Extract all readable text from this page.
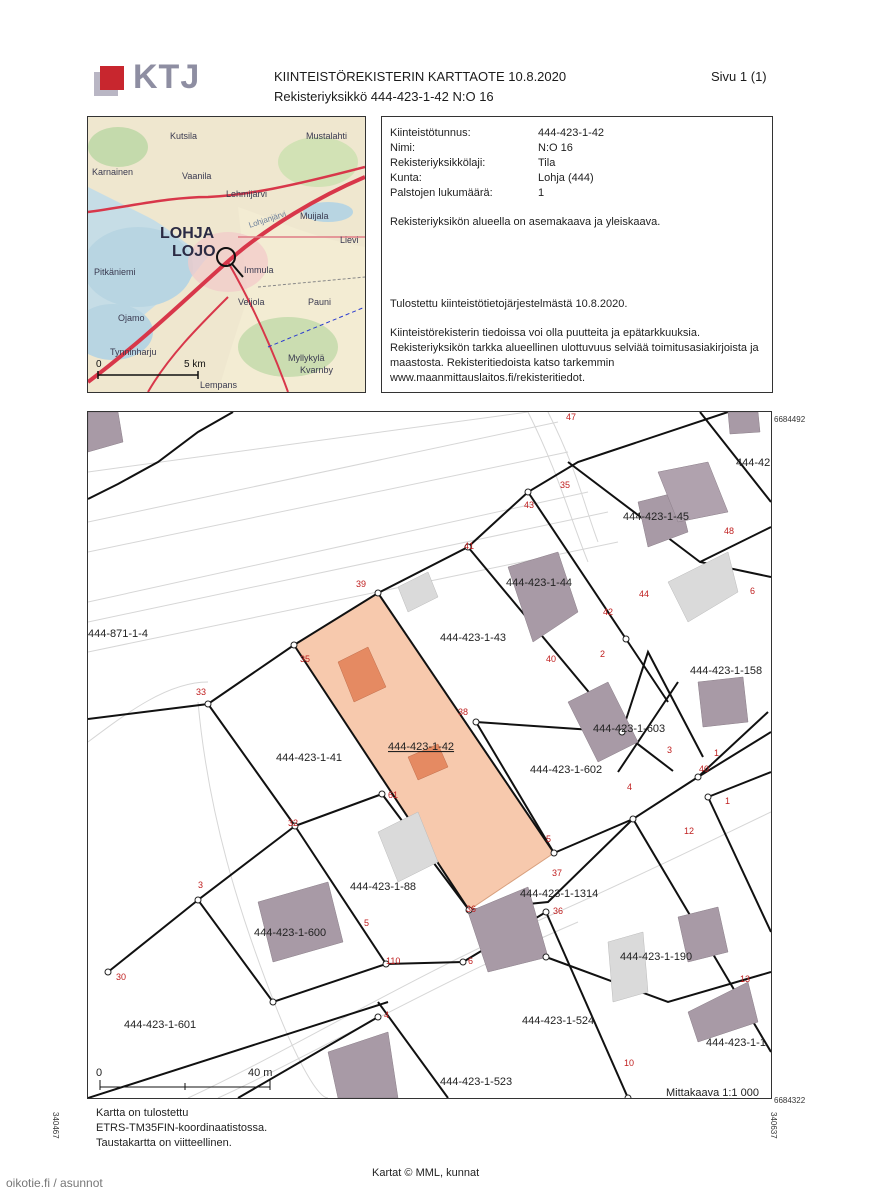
KTJ	KIINTEISTÖREKISTERIN KARTTAOTE 10.8.2020
Rekisteriyksikkö 444-423-1-42 N:O 16
Sivu 1 (1)
Kutsila	Mustalahti
Karnainen	Vaanila
Lehmijärvi
Muijala
LOHJA
LOJO
Lievi
Pitkäniemi	Immula
Veijola	Pauni
Ojamo
Tynninharju
Myllykylä
Kvarnby
Lempans
Lohjanjärvi
0	5 km
Kiinteistötunnus:	444-423-1-42
Nimi:	N:O 16
Rekisteriyksikkölaji:	Tila
Kunta:	Lohja (444)
Palstojen lukumäärä:	1
Rekisteriyksikön alueella on asemakaava ja yleiskaava.
Tulostettu kiinteistötietojärjestelmästä 10.8.2020.
Kiinteistörekisterin tiedoissa voi olla puutteita ja epätarkkuuksia. Rekisteriyksikön tarkka alueellinen ulottuvuus selviää toimitusasiakirjoista ja maastosta. Rekisteritiedoista katso tarkemmin www.maanmittauslaitos.fi/rekisteritiedot.
444-42
444-423-1-45
444-423-1-44
444-871-1-4	444-423-1-43
444-423-1-158
444-423-1-42
444-423-1-603
444-423-1-41
444-423-1-602
444-423-1-88
444-423-1-1314
444-423-1-600
444-423-1-190
444-423-1-524
444-423-1-601
444-423-1-523
444-423-1-1
47
35
43
48
41
39
6
44
42
35	40	2
33
38
3	1
40
4
61
1
32
12
5
37
3
36	36
5
110	6
13
30
4
10
0	40 m
Mittakaava 1:1 000
6684492
6684322
340467	340637
Kartta on tulostettu
ETRS-TM35FIN-koordinaatistossa.
Taustakartta on viitteellinen.
Kartat © MML, kunnat
oikotie.fi / asunnot
